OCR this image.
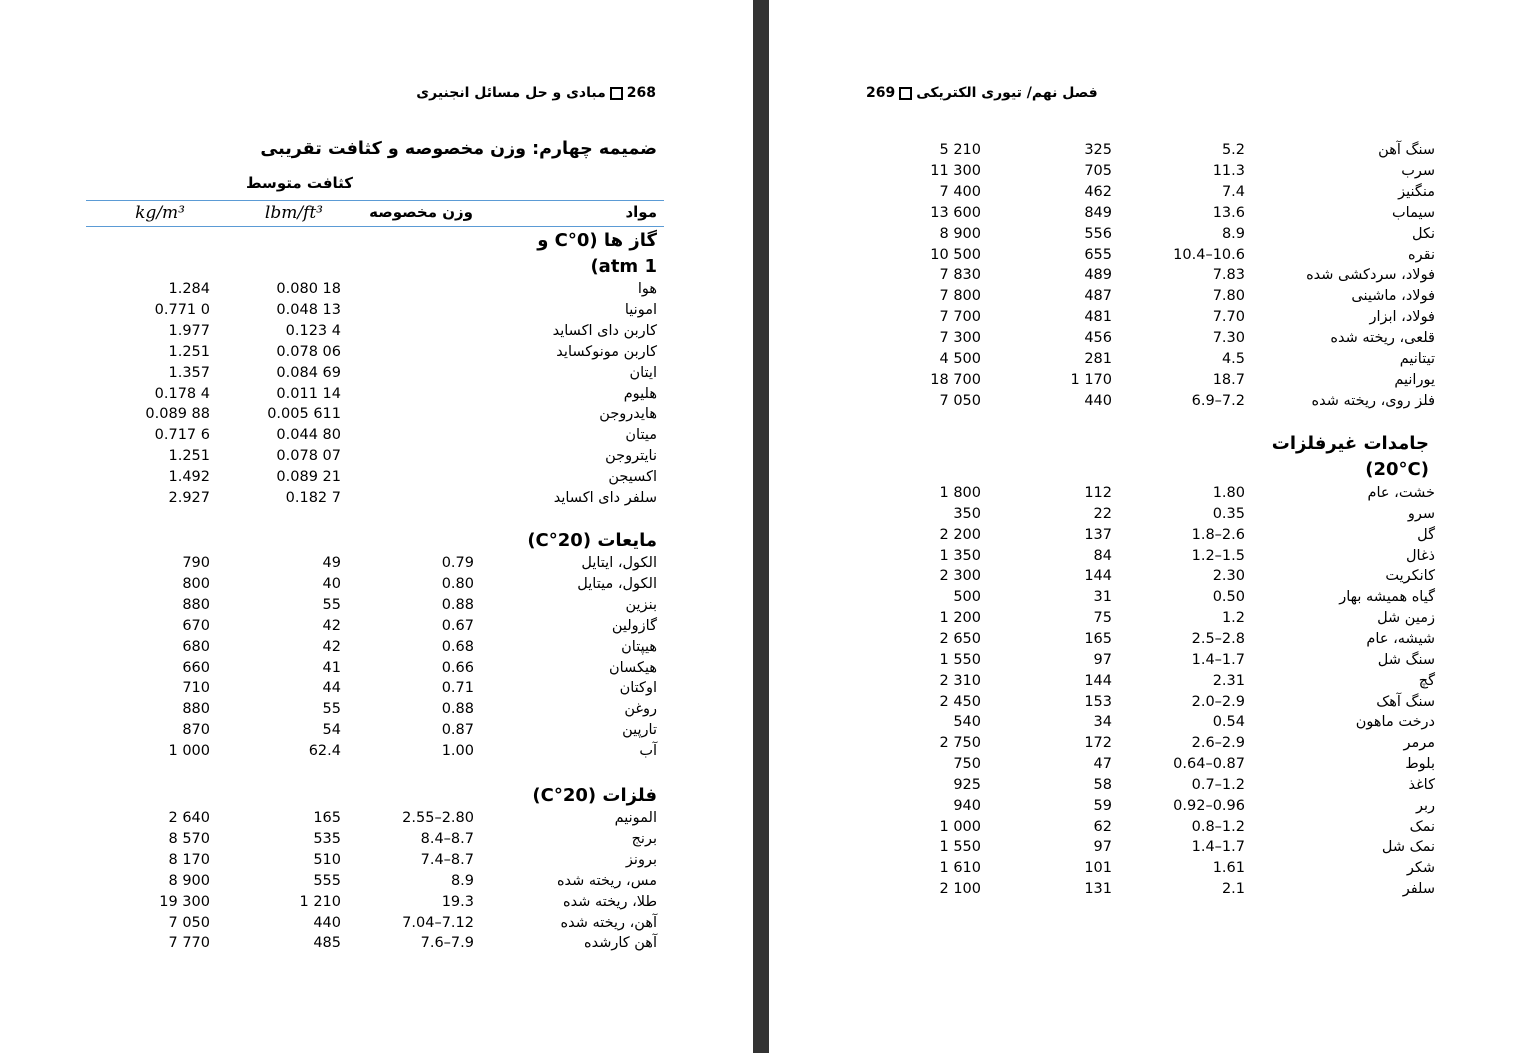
268مبادی و حل مسائل انجنیری
ضمیمه چهارم: وزن مخصوصه و کثافت تقریبی
کثافت متوسط
مواد
وزن مخصوصه
lbm/ft³
kg/m³
گاز ها (0°C و
1 atm)
هوا
0.080 18
1.284
امونیا
0.048 13
0.771 0
کاربن دای اکساید
0.123 4
1.977
کاربن مونوکساید
0.078 06
1.251
ایتان
0.084 69
1.357
هلیوم
0.011 14
0.178 4
هایدروجن
0.005 611
0.089 88
میتان
0.044 80
0.717 6
نایتروجن
0.078 07
1.251
اکسیجن
0.089 21
1.492
سلفر دای اکساید
0.182 7
2.927
مایعات (20°C)
الکول، ایتایل
0.79
49
790
الکول، میتایل
0.80
40
800
بنزین
0.88
55
880
گازولین
0.67
42
670
هیپتان
0.68
42
680
هیکسان
0.66
41
660
اوکتان
0.71
44
710
روغن
0.88
55
880
تارپین
0.87
54
870
آب
1.00
62.4
1 000
فلزات (20°C)
المونیم
2.55–2.80
165
2 640
برنج
8.4–8.7
535
8 570
برونز
7.4–8.7
510
8 170
مس، ریخته شده
8.9
555
8 900
طلا، ریخته شده
19.3
1 210
19 300
آهن، ریخته شده
7.04–7.12
440
7 050
آهن کارشده
7.6–7.9
485
7 770
فصل نهم/ تیوری الکتریکی269
سنگ آهن
5.2
325
5 210
سرب
11.3
705
11 300
منگنیز
7.4
462
7 400
سیماب
13.6
849
13 600
نکل
8.9
556
8 900
نقره
10.4–10.6
655
10 500
فولاد، سردکشی شده
7.83
489
7 830
فولاد، ماشینی
7.80
487
7 800
فولاد، ابزار
7.70
481
7 700
قلعی، ریخته شده
7.30
456
7 300
تیتانیم
4.5
281
4 500
یورانیم
18.7
1 170
18 700
فلز روی، ریخته شده
6.9–7.2
440
7 050
جامدات غیرفلزات
(20°C)
خشت، عام
1.80
112
1 800
سرو
0.35
22
350
گل
1.8–2.6
137
2 200
ذغال
1.2–1.5
84
1 350
کانکریت
2.30
144
2 300
گیاه همیشه بهار
0.50
31
500
زمین شل
1.2
75
1 200
شیشه، عام
2.5–2.8
165
2 650
سنگ شل
1.4–1.7
97
1 550
گچ
2.31
144
2 310
سنگ آهک
2.0–2.9
153
2 450
درخت ماهون
0.54
34
540
مرمر
2.6–2.9
172
2 750
بلوط
0.64–0.87
47
750
کاغذ
0.7–1.2
58
925
ربر
0.92–0.96
59
940
نمک
0.8–1.2
62
1 000
نمک شل
1.4–1.7
97
1 550
شکر
1.61
101
1 610
سلفر
2.1
131
2 100
